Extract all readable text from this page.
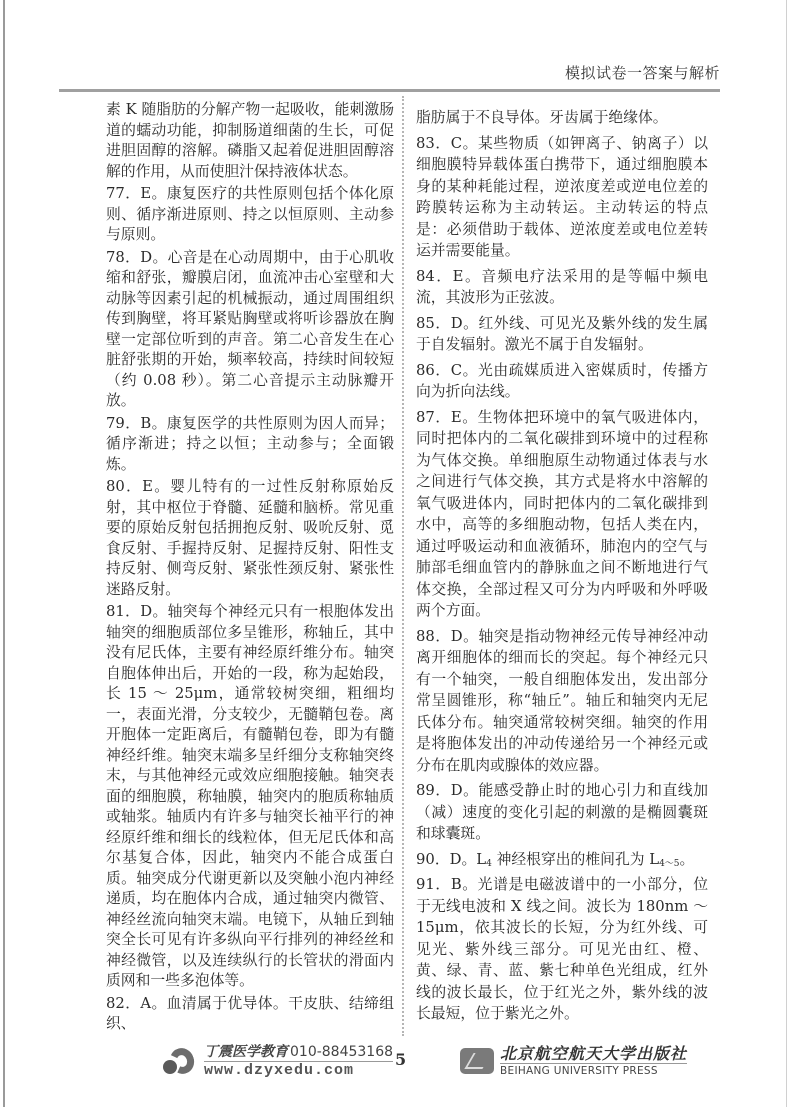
模拟试卷一答案与解析

素 K 随脂肪的分解产物一起吸收，能刺激肠道的蠕动功能，抑制肠道细菌的生长，可促进胆固醇的溶解。磷脂又起着促进胆固醇溶解的作用，从而使胆汁保持液体状态。

77．E。康复医疗的共性原则包括个体化原则、循序渐进原则、持之以恒原则、主动参与原则。

78．D。心音是在心动周期中，由于心肌收缩和舒张，瓣膜启闭，血流冲击心室壁和大动脉等因素引起的机械振动，通过周围组织传到胸壁，将耳紧贴胸壁或将听诊器放在胸壁一定部位听到的声音。第二心音发生在心脏舒张期的开始，频率较高，持续时间较短（约 0.08 秒）。第二心音提示主动脉瓣开放。

79．B。康复医学的共性原则为因人而异；循序渐进；持之以恒；主动参与；全面锻炼。

80．E。婴儿特有的一过性反射称原始反射，其中枢位于脊髓、延髓和脑桥。常见重要的原始反射包括拥抱反射、吸吮反射、觅食反射、手握持反射、足握持反射、阳性支持反射、侧弯反射、紧张性颈反射、紧张性迷路反射。

81．D。轴突每个神经元只有一根胞体发出轴突的细胞质部位多呈锥形，称轴丘，其中没有尼氏体，主要有神经原纤维分布。轴突自胞体伸出后，开始的一段，称为起始段，长 15 ～ 25μm，通常较树突细，粗细均一，表面光滑，分支较少，无髓鞘包卷。离开胞体一定距离后，有髓鞘包卷，即为有髓神经纤维。轴突末端多呈纤细分支称轴突终末，与其他神经元或效应细胞接触。轴突表面的细胞膜，称轴膜，轴突内的胞质称轴质或轴浆。轴质内有许多与轴突长袖平行的神经原纤维和细长的线粒体，但无尼氏体和高尔基复合体，因此，轴突内不能合成蛋白质。轴突成分代谢更新以及突触小泡内神经递质，均在胞体内合成，通过轴突内微管、神经丝流向轴突末端。电镜下，从轴丘到轴突全长可见有许多纵向平行排列的神经丝和神经微管，以及连续纵行的长管状的滑面内质网和一些多泡体等。

82．A。血清属于优导体。干皮肤、结缔组织、

脂肪属于不良导体。牙齿属于绝缘体。

83．C。某些物质（如钾离子、钠离子）以细胞膜特异载体蛋白携带下，通过细胞膜本身的某种耗能过程，逆浓度差或逆电位差的跨膜转运称为主动转运。主动转运的特点是：必须借助于载体、逆浓度差或电位差转运并需要能量。

84．E。音频电疗法采用的是等幅中频电流，其波形为正弦波。

85．D。红外线、可见光及紫外线的发生属于自发辐射。激光不属于自发辐射。

86．C。光由疏媒质进入密媒质时，传播方向为折向法线。

87．E。生物体把环境中的氧气吸进体内，同时把体内的二氧化碳排到环境中的过程称为气体交换。单细胞原生动物通过体表与水之间进行气体交换，其方式是将水中溶解的氧气吸进体内，同时把体内的二氧化碳排到水中，高等的多细胞动物，包括人类在内，通过呼吸运动和血液循环，肺泡内的空气与肺部毛细血管内的静脉血之间不断地进行气体交换，全部过程又可分为内呼吸和外呼吸两个方面。

88．D。轴突是指动物神经元传导神经冲动离开细胞体的细而长的突起。每个神经元只有一个轴突，一般自细胞体发出，发出部分常呈圆锥形，称“轴丘”。轴丘和轴突内无尼氏体分布。轴突通常较树突细。轴突的作用是将胞体发出的冲动传递给另一个神经元或分布在肌肉或腺体的效应器。

89．D。能感受静止时的地心引力和直线加（减）速度的变化引起的刺激的是椭圆囊斑和球囊斑。

90．D。$L_4$ 神经根穿出的椎间孔为 $L_{4\sim 5}$。

91．B。光谱是电磁波谱中的一小部分，位于无线电波和 X 线之间。波长为 180nm ～ 15μm，依其波长的长短，分为红外线、可见光、紫外线三部分。可见光由红、橙、黄、绿、青、蓝、紫七种单色光组成，红外线的波长最长，位于红光之外，紫外线的波长最短，位于紫光之外。

丁震医学教育 010-88453168
www.dzyxedu.com
5	北京航空航天大学出版社
BEIHANG UNIVERSITY PRESS
